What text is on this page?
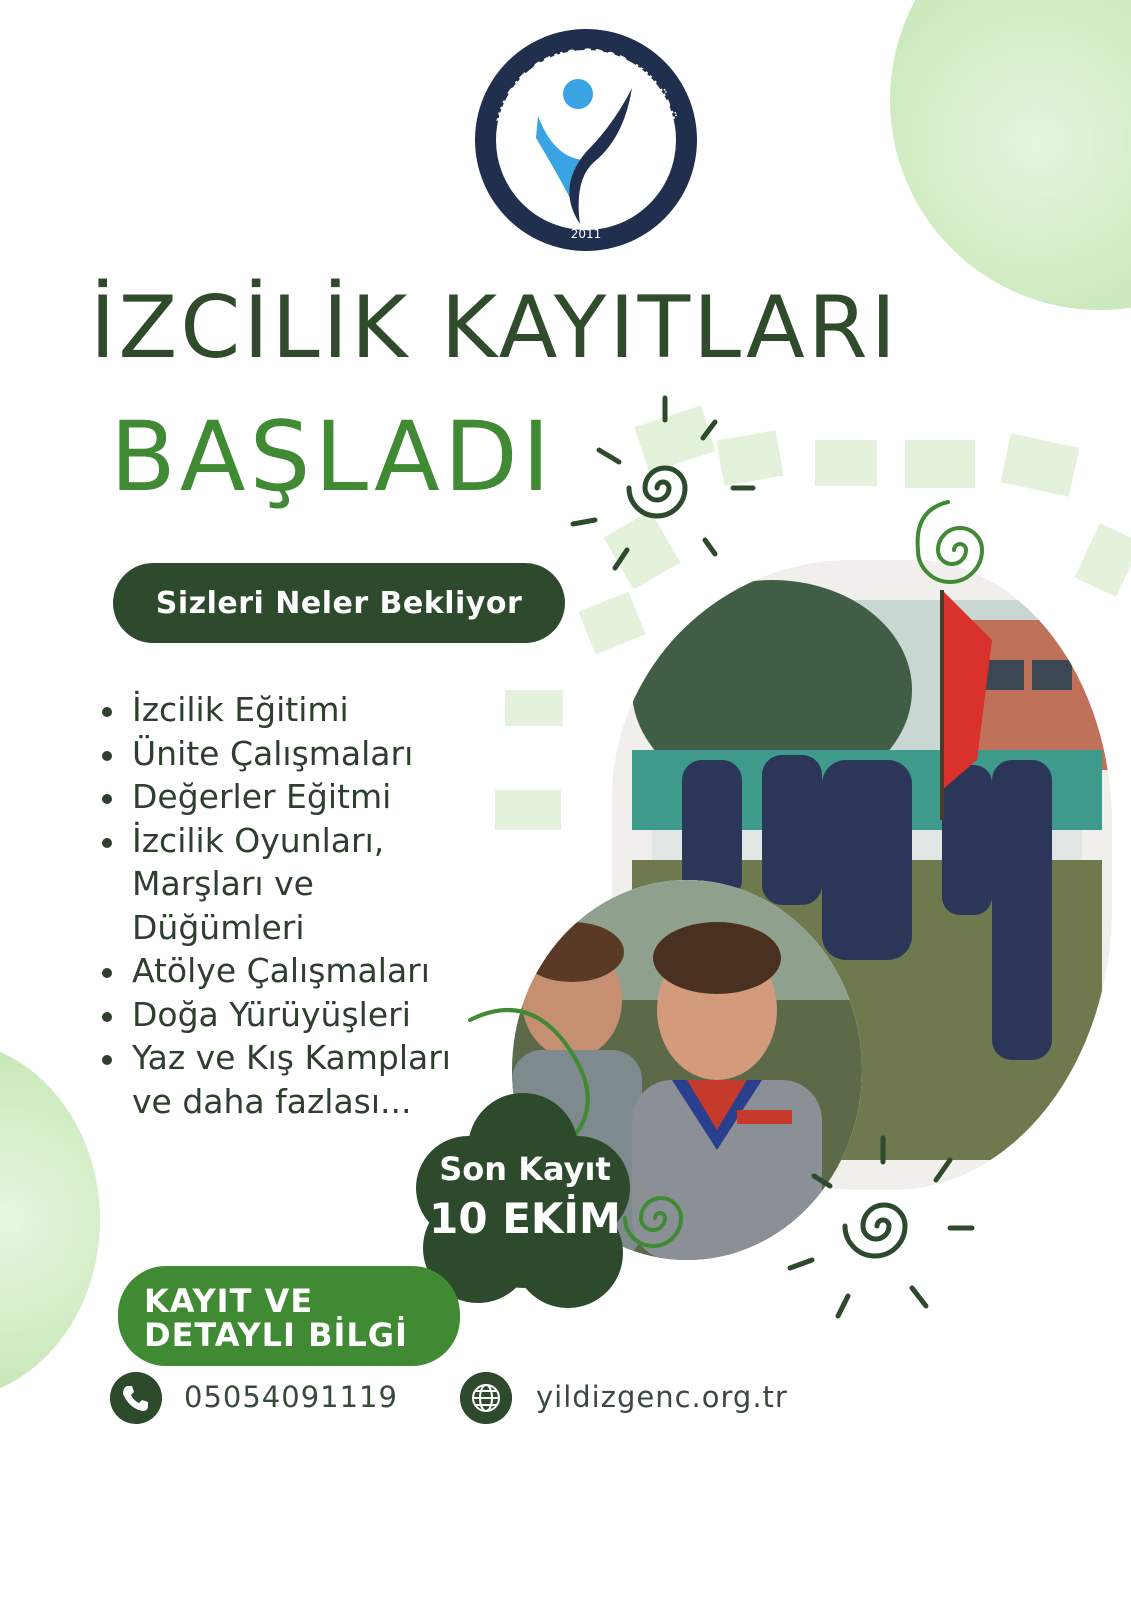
YILDIZ GENÇ SPOR KULÜBÜ
2011
İZCİLİK KAYITLARI
BAŞLADI
Sizleri Neler Bekliyor
İzcilik Eğitimi
Ünite Çalışmaları
Değerler Eğitmi
İzcilik Oyunları, Marşları ve Düğümleri
Atölye Çalışmaları
Doğa Yürüyüşleri
Yaz ve Kış Kampları ve daha fazlası...
Son Kayıt
10 EKİM
KAYIT VE
DETAYLI BİLGİ
05054091119	yildizgenc.org.tr
